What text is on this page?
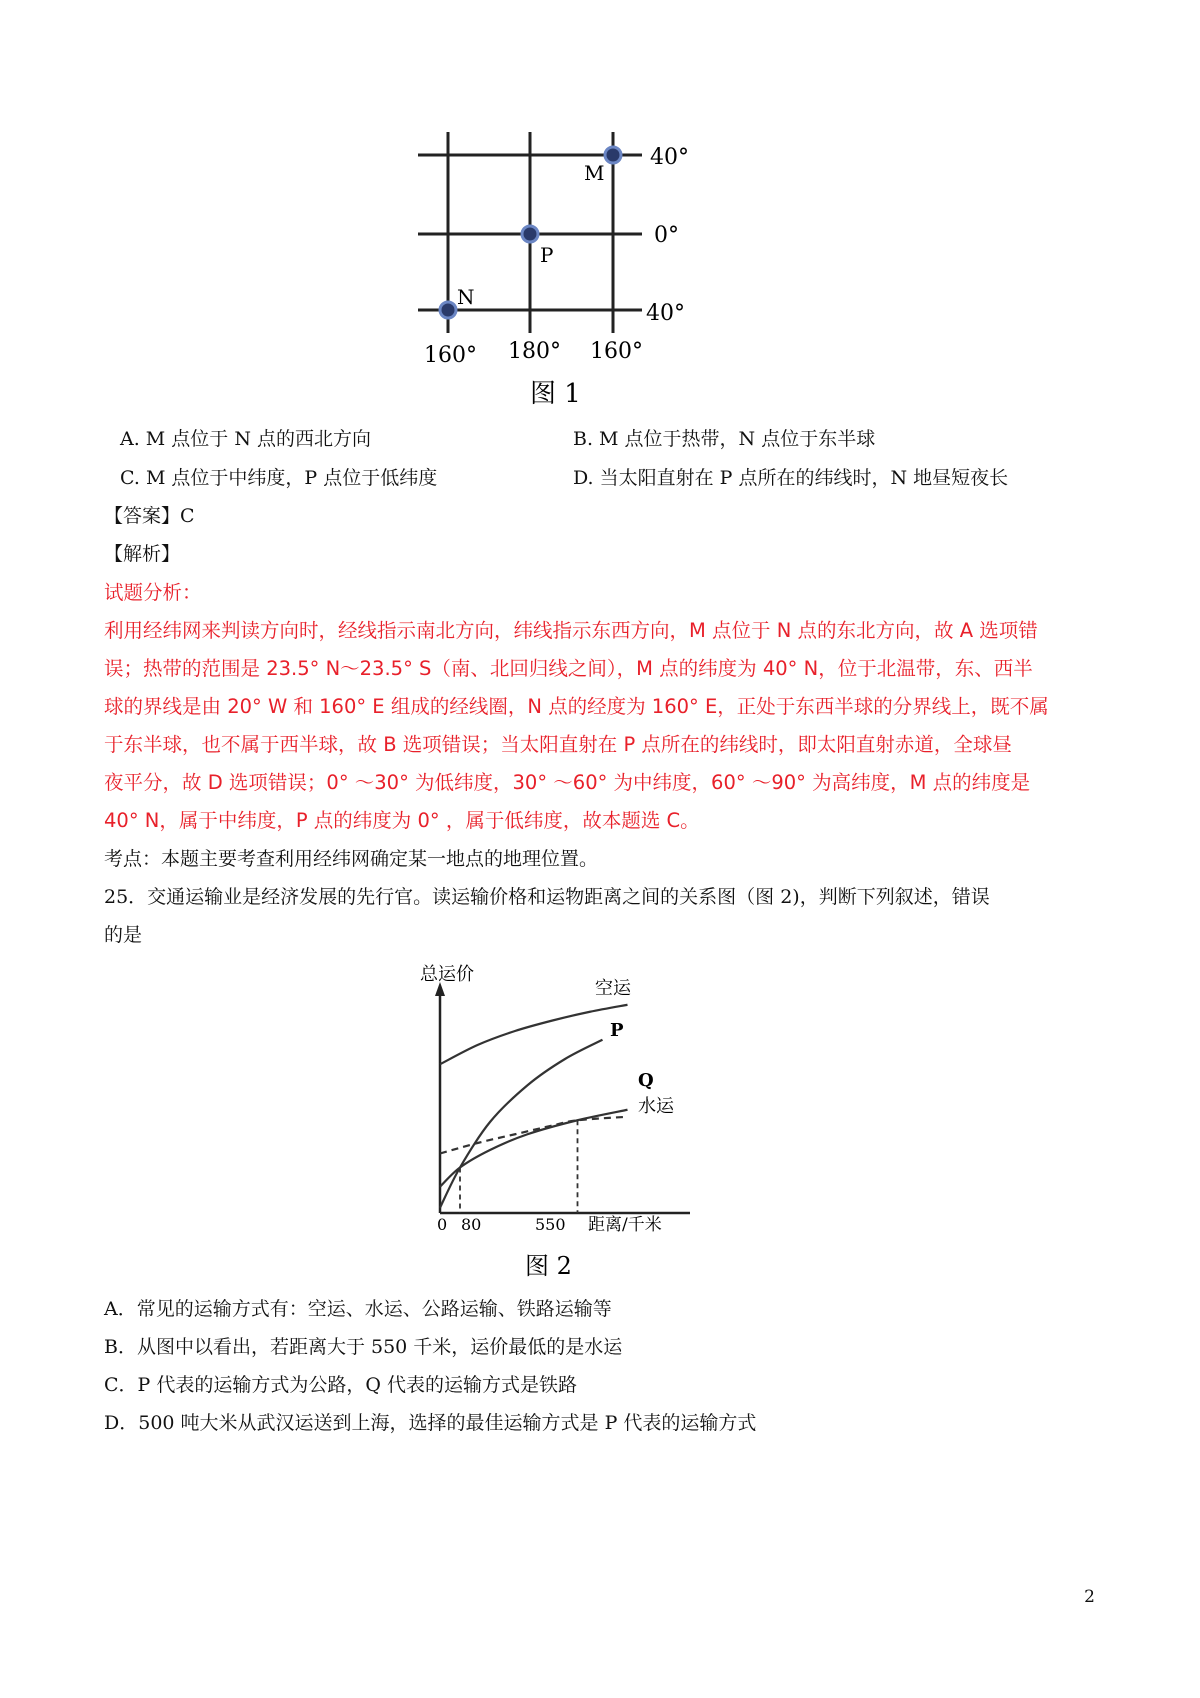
M
P
N
40°
0°
40°
160° 180° 160°
图 1
A. M 点位于 N 点的西北方向	B. M 点位于热带，N 点位于东半球
C. M 点位于中纬度，P 点位于低纬度	D. 当太阳直射在 P 点所在的纬线时，N 地昼短夜长
【答案】C
【解析】
试题分析：
利用经纬网来判读方向时，经线指示南北方向，纬线指示东西方向，M 点位于 N 点的东北方向，故 A 选项错
误；热带的范围是 23.5° N～23.5° S（南、北回归线之间），M 点的纬度为 40° N，位于北温带，东、西半
球的界线是由 20° W 和 160° E 组成的经线圈，N 点的经度为 160° E，正处于东西半球的分界线上，既不属
于东半球，也不属于西半球，故 B 选项错误；当太阳直射在 P 点所在的纬线时，即太阳直射赤道，全球昼
夜平分，故 D 选项错误；0° ～30° 为低纬度，30° ～60° 为中纬度，60° ～90° 为高纬度，M 点的纬度是
40° N，属于中纬度，P 点的纬度为 0° ，属于低纬度，故本题选 C。
考点：本题主要考查利用经纬网确定某一地点的地理位置。
25．交通运输业是经济发展的先行官。读运输价格和运物距离之间的关系图（图 2)，判断下列叙述，错误
的是
总运价
距离/千米
0 80	550
空运
P
Q
水运
图 2
A．常见的运输方式有：空运、水运、公路运输、铁路运输等
B．从图中以看出，若距离大于 550 千米，运价最低的是水运
C．P 代表的运输方式为公路，Q 代表的运输方式是铁路
D．500 吨大米从武汉运送到上海，选择的最佳运输方式是 P 代表的运输方式
2
